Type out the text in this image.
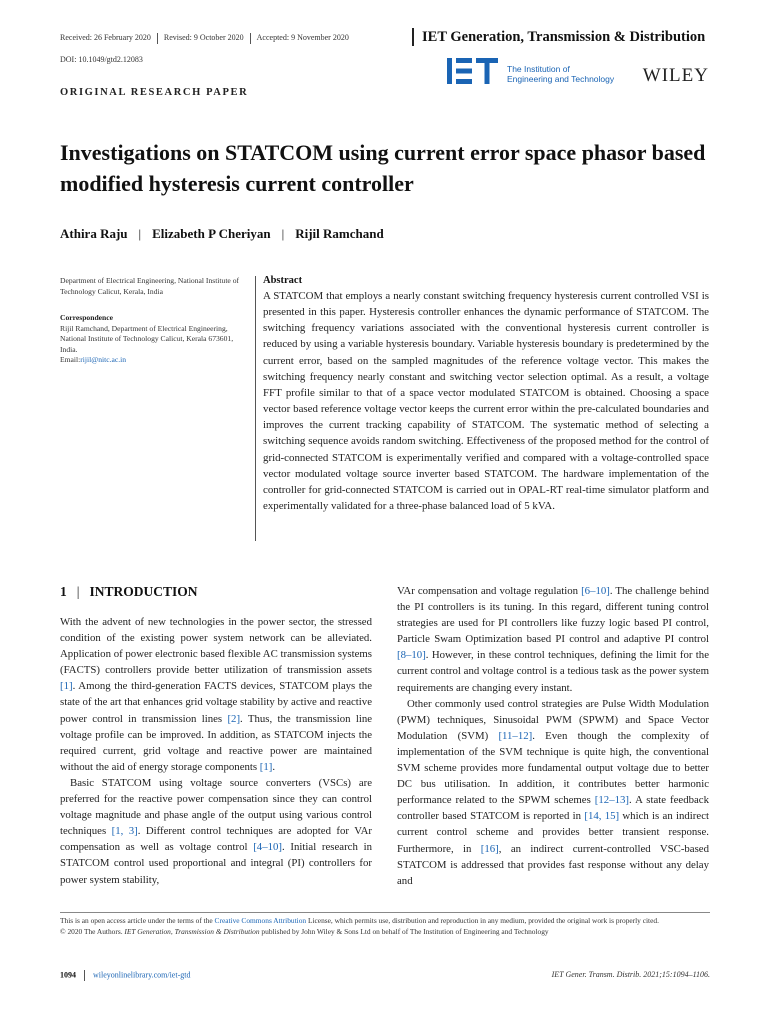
Received: 26 February 2020 Revised: 9 October 2020 Accepted: 9 November 2020	IET Generation, Transmission & Distribution
DOI: 10.1049/gtd2.12083
The Institution of
Engineering and Technology WILEY
ORIGINAL RESEARCH PAPER
Investigations on STATCOM using current error space phasor based modified hysteresis current controller
Athira Raju | Elizabeth P Cheriyan | Rijil Ramchand
Department of Electrical Engineering, National Institute of Technology Calicut, Kerala, India
Correspondence
Rijil Ramchand, Department of Electrical Engineering, National Institute of Technology Calicut, Kerala 673601, India.
Email:rijil@nitc.ac.in
Abstract
A STATCOM that employs a nearly constant switching frequency hysteresis current controlled VSI is presented in this paper. Hysteresis controller enhances the dynamic performance of STATCOM. The switching frequency variations associated with the conventional hysteresis current controller is reduced by using a variable hysteresis boundary. Variable hysteresis boundary is predetermined by the current error, based on the sampled magnitudes of the reference voltage vector. This makes the switching frequency nearly constant and switching vector selection optimal. As a result, a voltage FFT profile similar to that of a space vector modulated STATCOM is obtained. Choosing a space vector based reference voltage vector keeps the current error within the pre-calculated boundaries and improves the current tracking capability of STATCOM. The systematic method of selecting a switching sequence avoids random switching. Effectiveness of the proposed method for the control of grid-connected STATCOM is experimentally verified and compared with a voltage-controlled space vector modulated voltage source inverter based STATCOM. The hardware implementation of the controller for grid-connected STATCOM is carried out in OPAL-RT real-time simulator platform and experimentally validated for a three-phase balanced load of 5 kVA.
1 | INTRODUCTION

With the advent of new technologies in the power sector, the stressed condition of the existing power system network can be alleviated. Application of power electronic based flexible AC transmission systems (FACTS) controllers provide better utilization of transmission assets [1]. Among the third-generation FACTS devices, STATCOM plays the state of the art that enhances grid voltage stability by active and reactive power control in transmission lines [2]. Thus, the transmission line voltage profile can be improved. In addition, as STATCOM injects the required current, grid voltage and reactive power are maintained without the aid of energy storage components [1].

Basic STATCOM using voltage source converters (VSCs) are preferred for the reactive power compensation since they can control voltage magnitude and phase angle of the output using various control techniques [1, 3]. Different control techniques are adopted for VAr compensation as well as voltage control [4–10]. Initial research in STATCOM control used proportional and integral (PI) controllers for power system stability,

VAr compensation and voltage regulation [6–10]. The challenge behind the PI controllers is its tuning. In this regard, different tuning control strategies are used for PI controllers like fuzzy logic based PI control, Particle Swam Optimization based PI control and adaptive PI control [8–10]. However, in these control techniques, defining the limit for the current control and voltage control is a tedious task as the power system requirements are changing every instant.

Other commonly used control strategies are Pulse Width Modulation (PWM) techniques, Sinusoidal PWM (SPWM) and Space Vector Modulation (SVM) [11–12]. Even though the complexity of implementation of the SVM technique is quite high, the conventional SVM scheme provides more fundamental output voltage due to better DC bus utilisation. In addition, it contributes better harmonic performance related to the SPWM schemes [12–13]. A state feedback controller based STATCOM is reported in [14, 15] which is an indirect current control scheme and provides better transient response. Furthermore, in [16], an indirect current-controlled VSC-based STATCOM is addressed that provides fast response without any delay and

This is an open access article under the terms of the Creative Commons Attribution License, which permits use, distribution and reproduction in any medium, provided the original work is properly cited.
© 2020 The Authors. IET Generation, Transmission & Distribution published by John Wiley & Sons Ltd on behalf of The Institution of Engineering and Technology
1094 wileyonlinelibrary.com/iet-gtd	IET Gener. Transm. Distrib. 2021;15:1094–1106.
